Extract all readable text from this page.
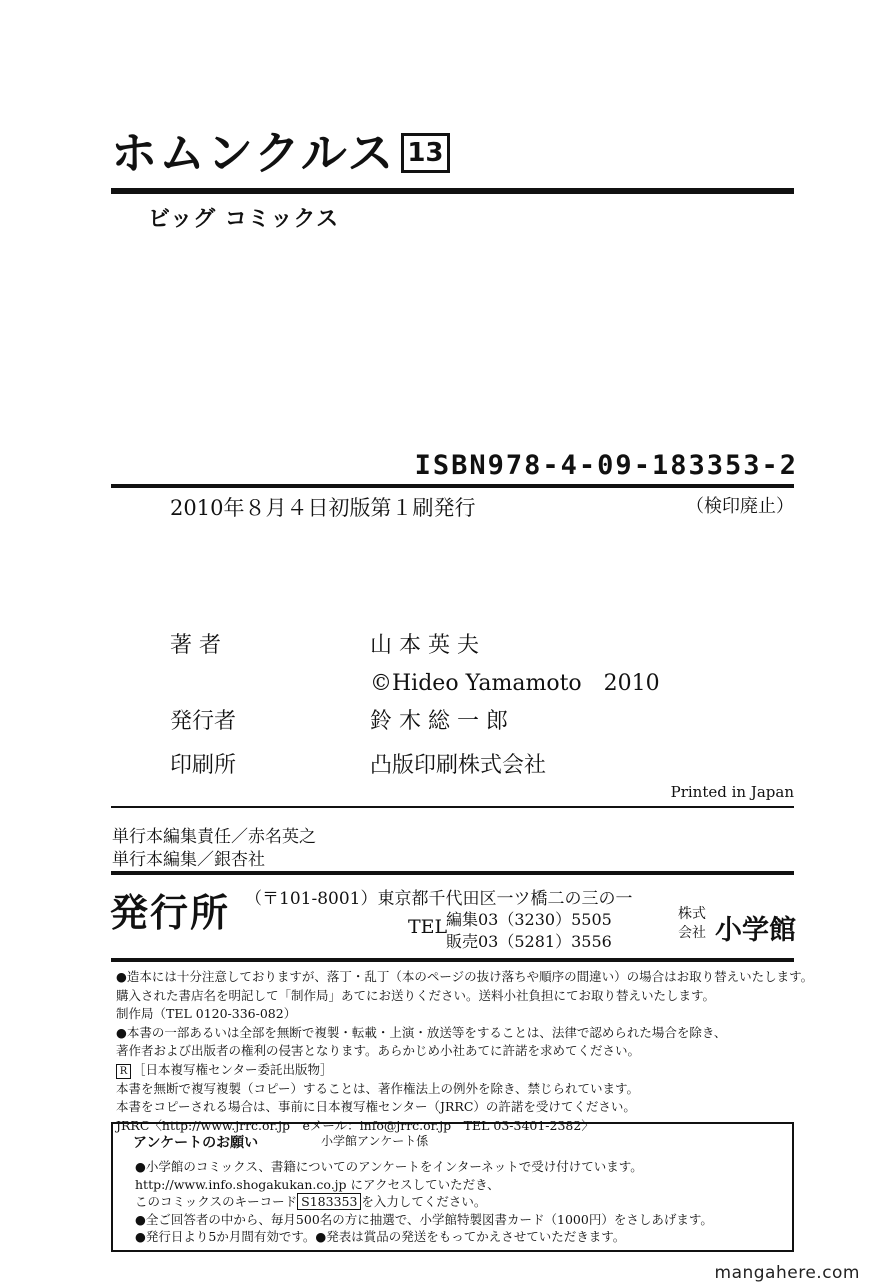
ホムンクルス 13
ビッグ コミックス
ISBN978-4-09-183353-2
2010年８月４日初版第１刷発行	（検印廃止）
著 者	山 本 英 夫
©Hideo Yamamoto　2010
発行者	鈴 木 総 一 郎
印刷所	凸版印刷株式会社
Printed in Japan
単行本編集責任／赤名英之
単行本編集／銀杏社
発行所 （〒101-8001）東京都千代田区一ツ橋二の三の一
TEL
編集03（3230）5505
販売03（5281）3556
株式
会社 小学館
●造本には十分注意しておりますが、落丁・乱丁（本のページの抜け落ちや順序の間違い）の場合はお取り替えいたします。
購入された書店名を明記して「制作局」あてにお送りください。送料小社負担にてお取り替えいたします。
制作局（TEL 0120-336-082）
●本書の一部あるいは全部を無断で複製・転載・上演・放送等をすることは、法律で認められた場合を除き、
著作者および出版者の権利の侵害となります。あらかじめ小社あてに許諾を求めてください。
R ［日本複写権センター委託出版物］
本書を無断で複写複製（コピー）することは、著作権法上の例外を除き、禁じられています。
本書をコピーされる場合は、事前に日本複写権センター（JRRC）の許諾を受けてください。
JRRC〈http://www.jrrc.or.jp　eメール：info@jrrc.or.jp　TEL 03-3401-2382〉
アンケートのお願い	小学館アンケート係
●小学館のコミックス、書籍についてのアンケートをインターネットで受け付けています。
http://www.info.shogakukan.co.jp にアクセスしていただき、
このコミックスのキーコード S183353 を入力してください。
●全ご回答者の中から、毎月500名の方に抽選で、小学館特製図書カード（1000円）をさしあげます。
●発行日より5か月間有効です。●発表は賞品の発送をもってかえさせていただきます。
mangahere.com
